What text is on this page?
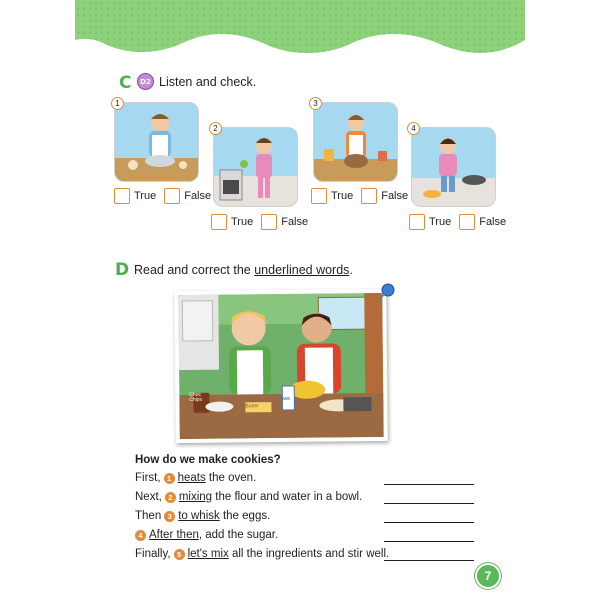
C	D2 Listen and check.
1
True	False
2
True	False
3
True	False
4
True	False
D Read and correct the underlined words.
Choc Chips
Butter
Milk
How do we make cookies?
First, 1 heats
the oven.
Next, 2 mixing
the flour and water in a bowl.
Then 3 to whisk
the eggs.
4 After then , add the sugar.
Finally, 5 let's mix
all the ingredients and stir well.
7
